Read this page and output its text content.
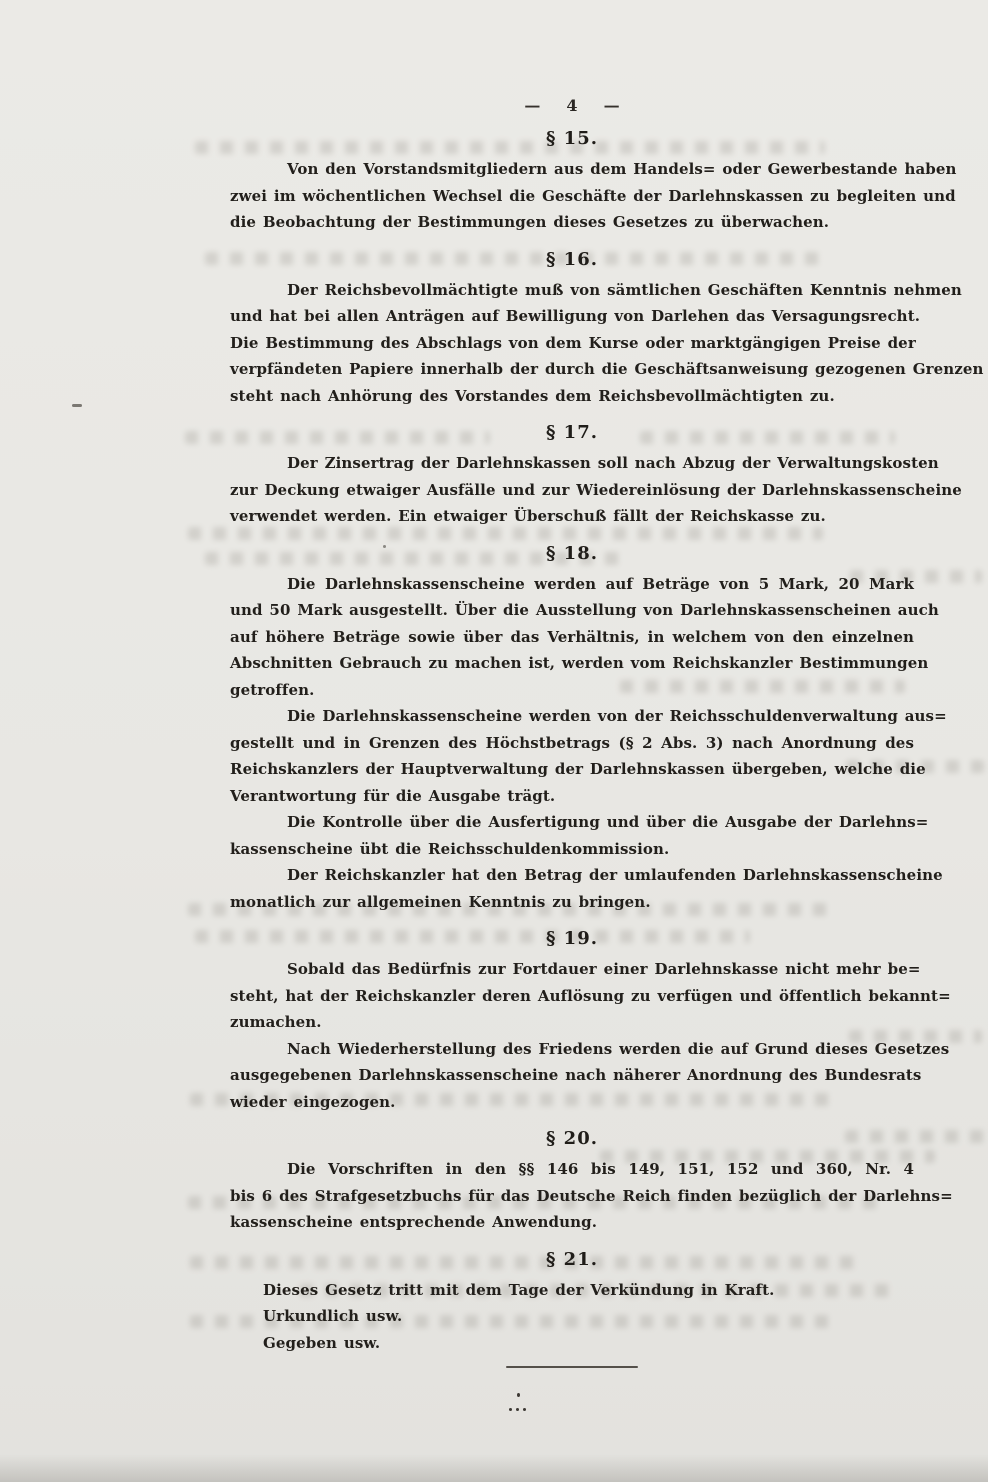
— 4 —
§ 15.
Von den Vorstandsmitgliedern aus dem Handels= oder Gewerbestande haben
zwei im wöchentlichen Wechsel die Geschäfte der Darlehnskassen zu begleiten und
die Beobachtung der Bestimmungen dieses Gesetzes zu überwachen.
§ 16.
Der Reichsbevollmächtigte muß von sämtlichen Geschäften Kenntnis nehmen
und hat bei allen Anträgen auf Bewilligung von Darlehen das Versagungsrecht.
Die Bestimmung des Abschlags von dem Kurse oder marktgängigen Preise der
verpfändeten Papiere innerhalb der durch die Geschäftsanweisung gezogenen Grenzen
steht nach Anhörung des Vorstandes dem Reichsbevollmächtigten zu.
§ 17.
Der Zinsertrag der Darlehnskassen soll nach Abzug der Verwaltungskosten
zur Deckung etwaiger Ausfälle und zur Wiedereinlösung der Darlehnskassenscheine
verwendet werden. Ein etwaiger Überschuß fällt der Reichskasse zu.
§ 18.
Die Darlehnskassenscheine werden auf Beträge von 5 Mark, 20 Mark
und 50 Mark ausgestellt. Über die Ausstellung von Darlehnskassenscheinen auch
auf höhere Beträge sowie über das Verhältnis, in welchem von den einzelnen
Abschnitten Gebrauch zu machen ist, werden vom Reichskanzler Bestimmungen
getroffen.
Die Darlehnskassenscheine werden von der Reichsschuldenverwaltung aus=
gestellt und in Grenzen des Höchstbetrags (§ 2 Abs. 3) nach Anordnung des
Reichskanzlers der Hauptverwaltung der Darlehnskassen übergeben, welche die
Verantwortung für die Ausgabe trägt.
Die Kontrolle über die Ausfertigung und über die Ausgabe der Darlehns=
kassenscheine übt die Reichsschuldenkommission.
Der Reichskanzler hat den Betrag der umlaufenden Darlehnskassenscheine
monatlich zur allgemeinen Kenntnis zu bringen.
§ 19.
Sobald das Bedürfnis zur Fortdauer einer Darlehnskasse nicht mehr be=
steht, hat der Reichskanzler deren Auflösung zu verfügen und öffentlich bekannt=
zumachen.
Nach Wiederherstellung des Friedens werden die auf Grund dieses Gesetzes
ausgegebenen Darlehnskassenscheine nach näherer Anordnung des Bundesrats
wieder eingezogen.
§ 20.
Die Vorschriften in den §§ 146 bis 149, 151, 152 und 360, Nr. 4
bis 6 des Strafgesetzbuchs für das Deutsche Reich finden bezüglich der Darlehns=
kassenscheine entsprechende Anwendung.
§ 21.
Dieses Gesetz tritt mit dem Tage der Verkündung in Kraft.
Urkundlich usw.
Gegeben usw.
